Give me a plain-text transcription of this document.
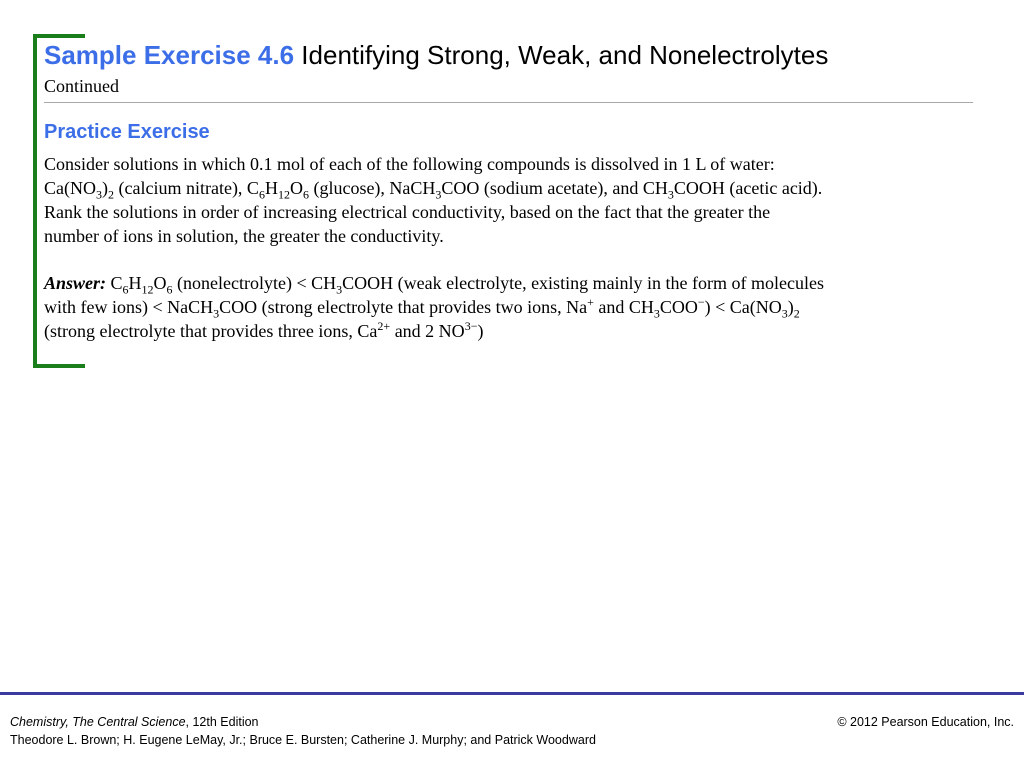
Sample Exercise 4.6 Identifying Strong, Weak, and Nonelectrolytes
Continued
Practice Exercise

Consider solutions in which 0.1 mol of each of the following compounds is dissolved in 1 L of water:

$Ca(NO_3)_2$ (calcium nitrate), $C_6H_{12}O_6$ (glucose), NaCH$_3$COO (sodium acetate), and $CH_3COOH$ (acetic acid).

Rank the solutions in order of increasing electrical conductivity, based on the fact that the greater the

number of ions in solution, the greater the conductivity.

Answer: $C_6H_{12}O_6$ (nonelectrolyte) < $CH_3COOH$ (weak electrolyte, existing mainly in the form of molecules

with few ions) < NaCH$_3$COO (strong electrolyte that provides two ions, Na+ and $CH_3COO^-) < Ca(NO_3)_2$

(strong electrolyte that provides three ions, $Ca^{2+}$ and 2 $NO^{3-}$)

Chemistry, The Central Science, 12th Edition
Theodore L. Brown; H. Eugene LeMay, Jr.; Bruce E. Bursten; Catherine J. Murphy; and Patrick Woodward
© 2012 Pearson Education, Inc.
